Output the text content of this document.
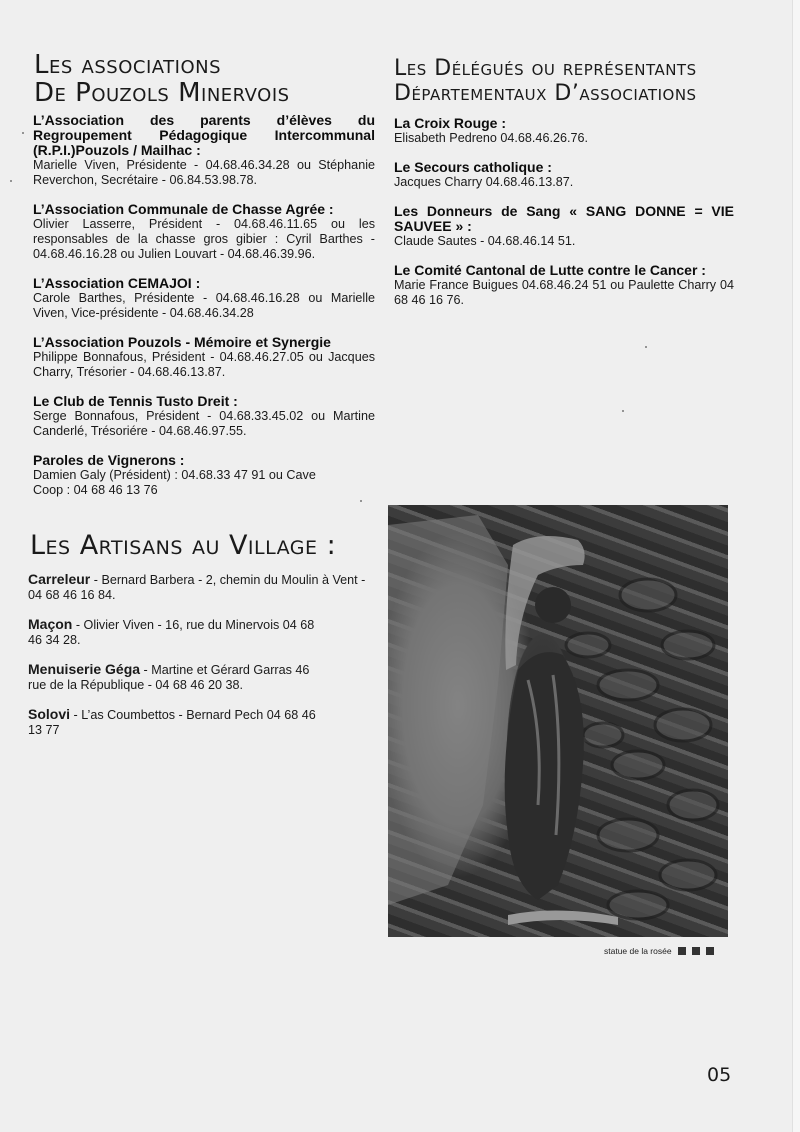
Les associations
De Pouzols Minervois
L’Association des parents d’élèves du Regroupement Pédagogique Intercommunal (R.P.I.)Pouzols / Mailhac :
Marielle Viven, Présidente - 04.68.46.34.28 ou Stéphanie Reverchon, Secrétaire - 06.84.53.98.78.
L’Association Communale de Chasse Agrée :
Olivier Lasserre, Président - 04.68.46.11.65 ou les responsables de la chasse gros gibier : Cyril Barthes - 04.68.46.16.28 ou Julien Louvart - 04.68.46.39.96.
L’Association CEMAJOI :
Carole Barthes, Présidente - 04.68.46.16.28 ou Marielle Viven, Vice-présidente - 04.68.46.34.28
L’Association Pouzols - Mémoire et Synergie
Philippe Bonnafous, Président - 04.68.46.27.05 ou Jacques Charry, Trésorier - 04.68.46.13.87.
Le Club de Tennis Tusto Dreit :
Serge Bonnafous, Président - 04.68.33.45.02 ou Martine Canderlé, Trésoriére - 04.68.46.97.55.
Paroles de Vignerons :
Damien Galy (Président) : 04.68.33 47 91 ou Cave Coop : 04 68 46 13 76
Les Délégués ou représentants
Départementaux D’associations
La Croix Rouge :
Elisabeth Pedreno 04.68.46.26.76.
Le Secours catholique :
Jacques Charry 04.68.46.13.87.
Les Donneurs de Sang « SANG DONNE = VIE SAUVEE » :
Claude Sautes - 04.68.46.14 51.
Le Comité Cantonal de Lutte contre le Cancer :
Marie France Buigues 04.68.46.24 51 ou Paulette Charry 04 68 46 16 76.
Les Artisans au Village :
Carreleur - Bernard Barbera - 2, chemin du Moulin à Vent - 04 68 46 16 84.
Maçon - Olivier Viven - 16, rue du Minervois 04 68 46 34 28.
Menuiserie Géga - Martine et Gérard Garras 46 rue de la République - 04 68 46 20 38.
Solovi - L’as Coumbettos - Bernard Pech 04 68 46 13 77
statue de la rosée
05
